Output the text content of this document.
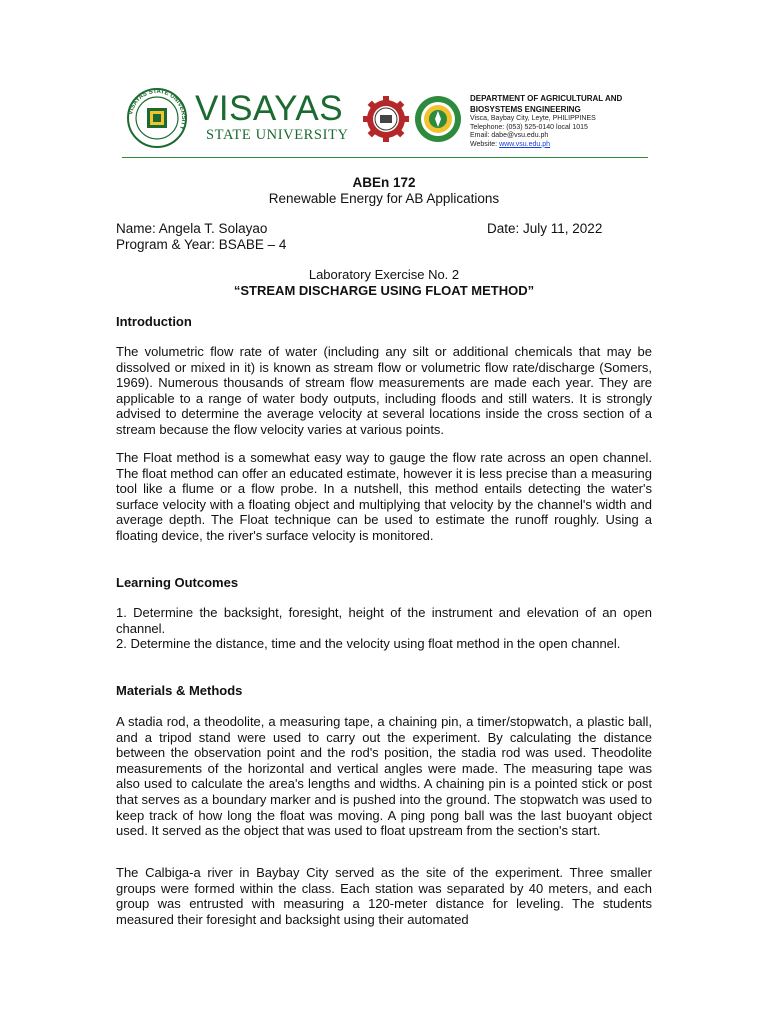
VISAYAS STATE UNIVERSITY VISAYAS
STATE UNIVERSITY
DEPARTMENT OF AGRICULTURAL AND BIOSYSTEMS ENGINEERING
Visca, Baybay City, Leyte, PHILIPPINES
Telephone: (053) 525-0140 local 1015
Email: dabe@vsu.edu.ph
Website: www.vsu.edu.ph
ABEn 172
Renewable Energy for AB Applications
Name: Angela T. Solayao	Date: July 11, 2022
Program & Year: BSABE – 4
Laboratory Exercise No. 2
“STREAM DISCHARGE USING FLOAT METHOD”
Introduction
The volumetric flow rate of water (including any silt or additional chemicals that may be dissolved or mixed in it) is known as stream flow or volumetric flow rate/discharge (Somers, 1969). Numerous thousands of stream flow measurements are made each year. They are applicable to a range of water body outputs, including floods and still waters. It is strongly advised to determine the average velocity at several locations inside the cross section of a stream because the flow velocity varies at various points.
The Float method is a somewhat easy way to gauge the flow rate across an open channel. The float method can offer an educated estimate, however it is less precise than a measuring tool like a flume or a flow probe. In a nutshell, this method entails detecting the water's surface velocity with a floating object and multiplying that velocity by the channel's width and average depth. The Float technique can be used to estimate the runoff roughly. Using a floating device, the river's surface velocity is monitored.
Learning Outcomes
1. Determine the backsight, foresight, height of the instrument and elevation of an open channel.
2. Determine the distance, time and the velocity using float method in the open channel.
Materials & Methods
A stadia rod, a theodolite, a measuring tape, a chaining pin, a timer/stopwatch, a plastic ball, and a tripod stand were used to carry out the experiment. By calculating the distance between the observation point and the rod's position, the stadia rod was used. Theodolite measurements of the horizontal and vertical angles were made. The measuring tape was also used to calculate the area's lengths and widths. A chaining pin is a pointed stick or post that serves as a boundary marker and is pushed into the ground. The stopwatch was used to keep track of how long the float was moving. A ping pong ball was the last buoyant object used. It served as the object that was used to float upstream from the section's start.
The Calbiga-a river in Baybay City served as the site of the experiment. Three smaller groups were formed within the class. Each station was separated by 40 meters, and each group was entrusted with measuring a 120-meter distance for leveling. The students measured their foresight and backsight using their automated
